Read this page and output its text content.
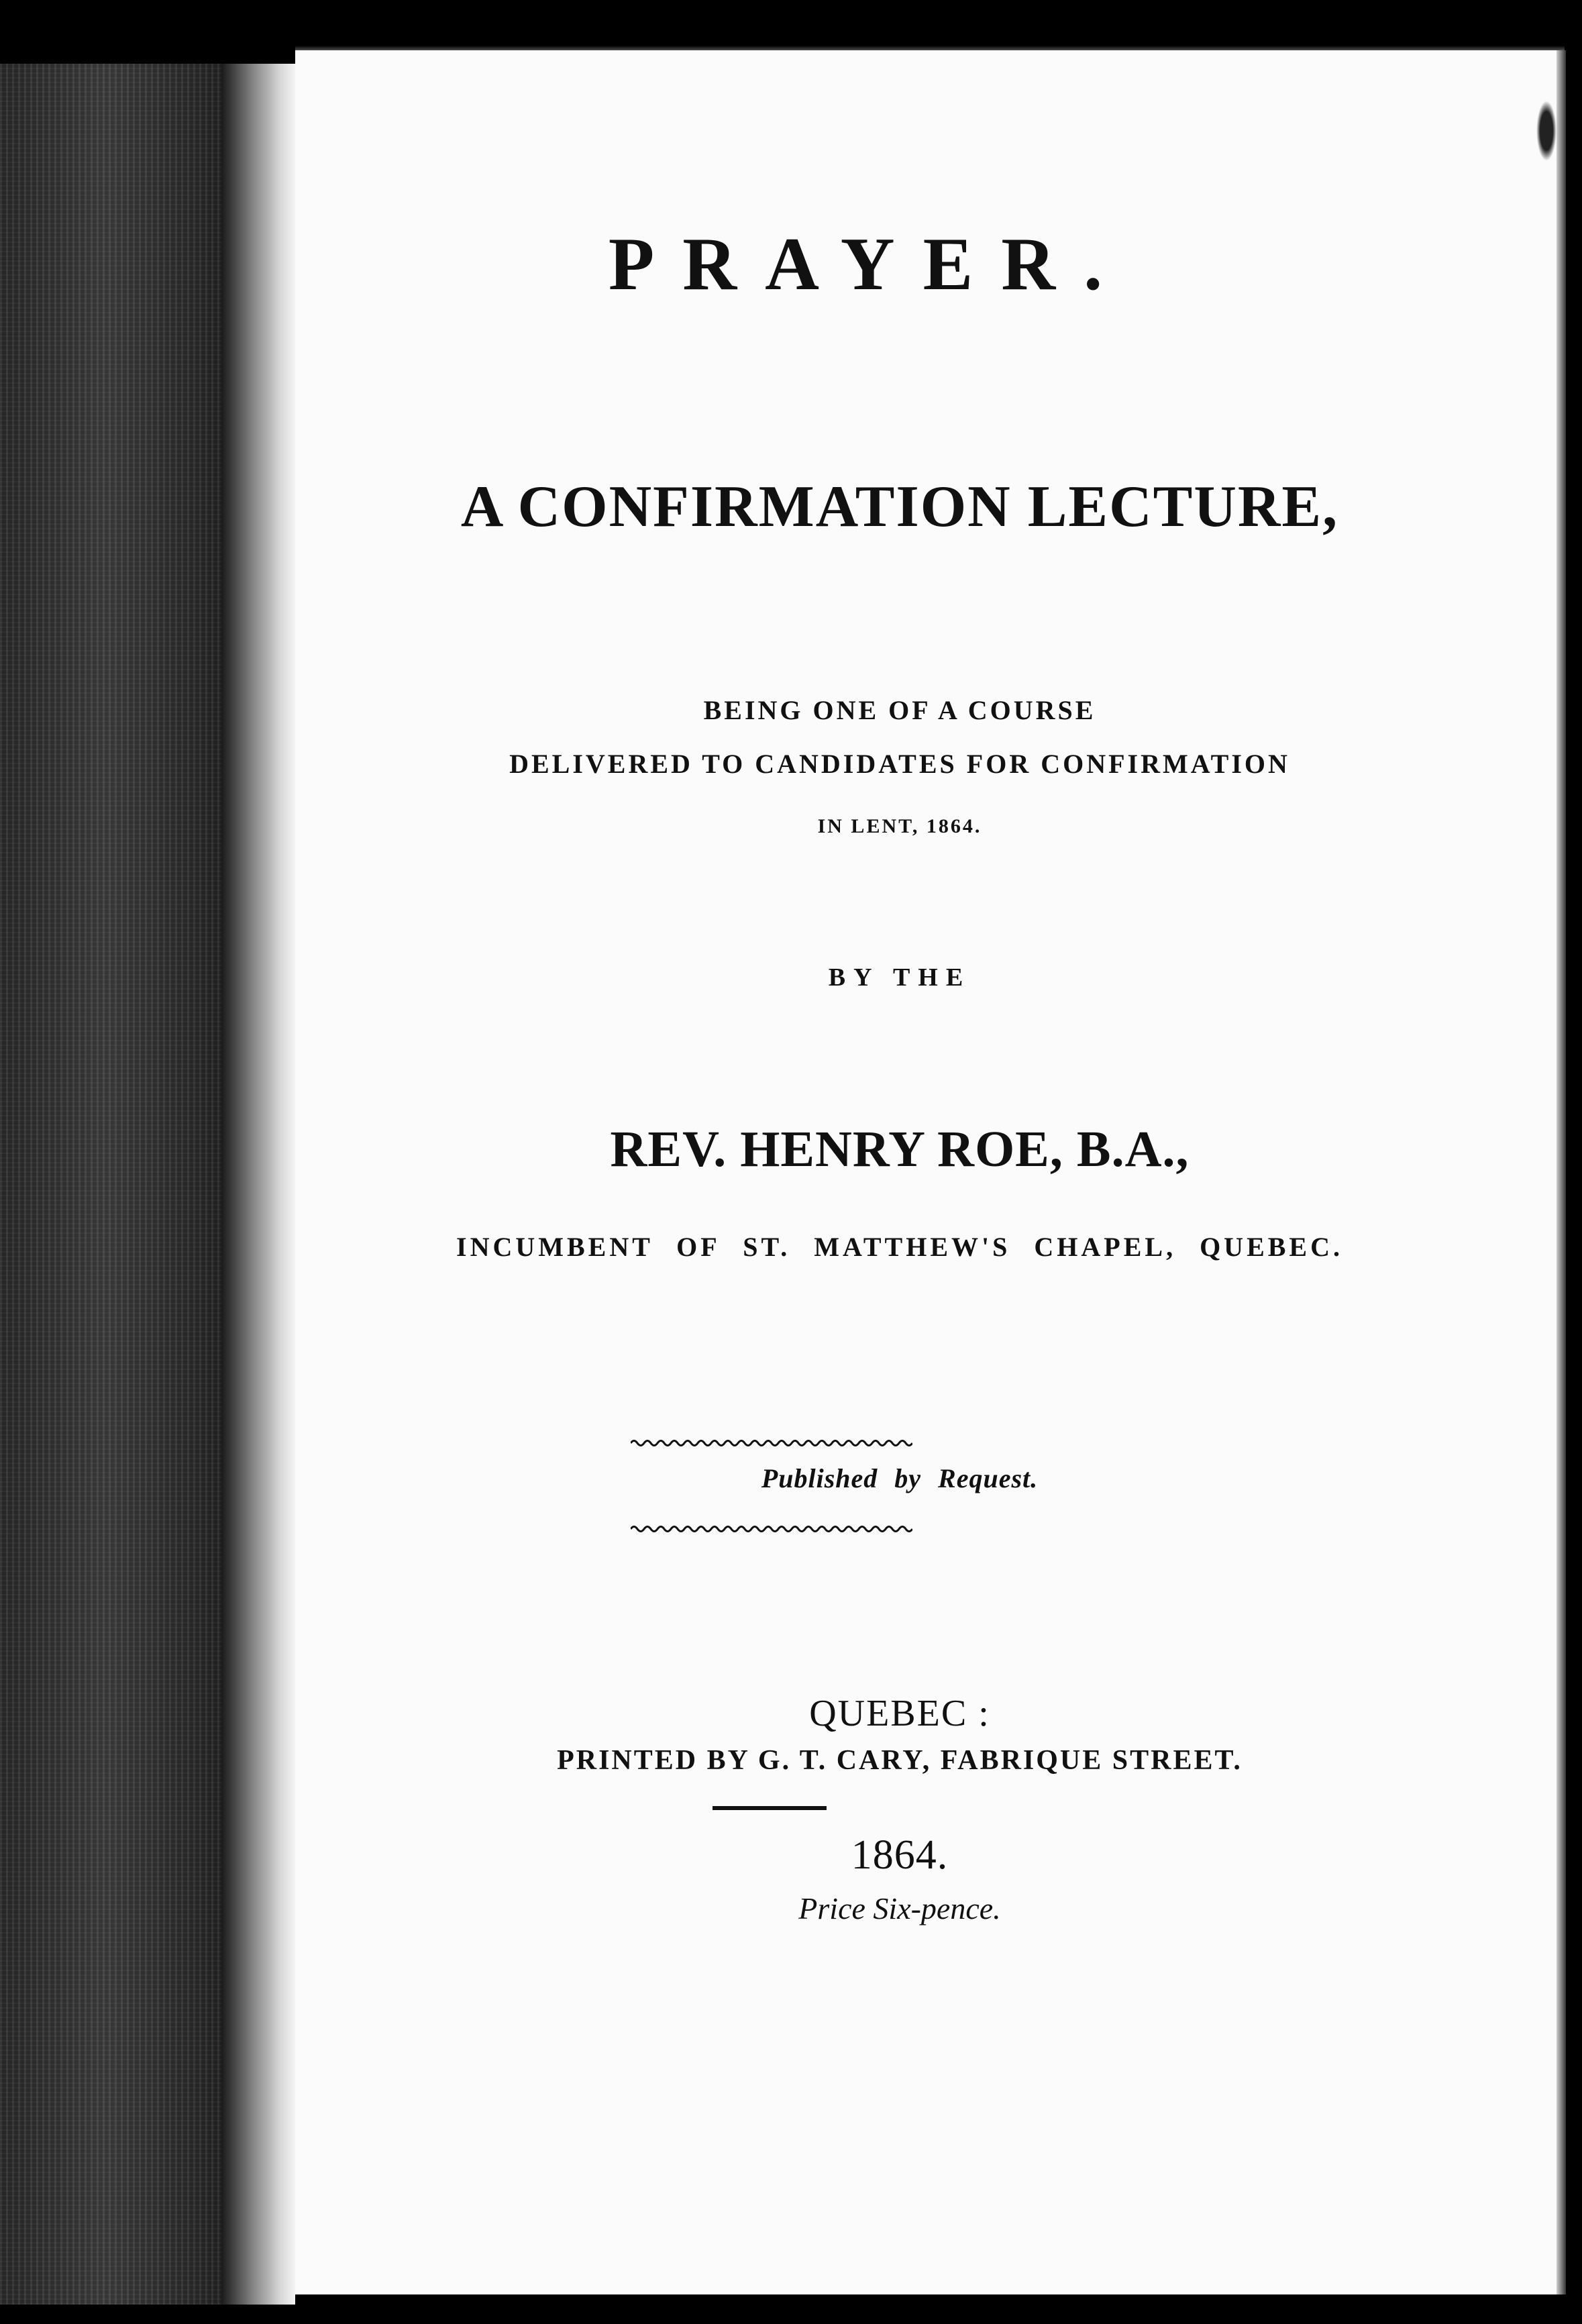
PRAYER.
A CONFIRMATION LECTURE,

BEING ONE OF A COURSE

DELIVERED TO CANDIDATES FOR CONFIRMATION

IN LENT, 1864.

BY THE

REV. HENRY ROE, B.A.,

INCUMBENT OF ST. MATTHEW'S CHAPEL, QUEBEC.

Published by Request.

QUEBEC :

PRINTED BY G. T. CARY, FABRIQUE STREET.

1864.

Price Six-pence.
